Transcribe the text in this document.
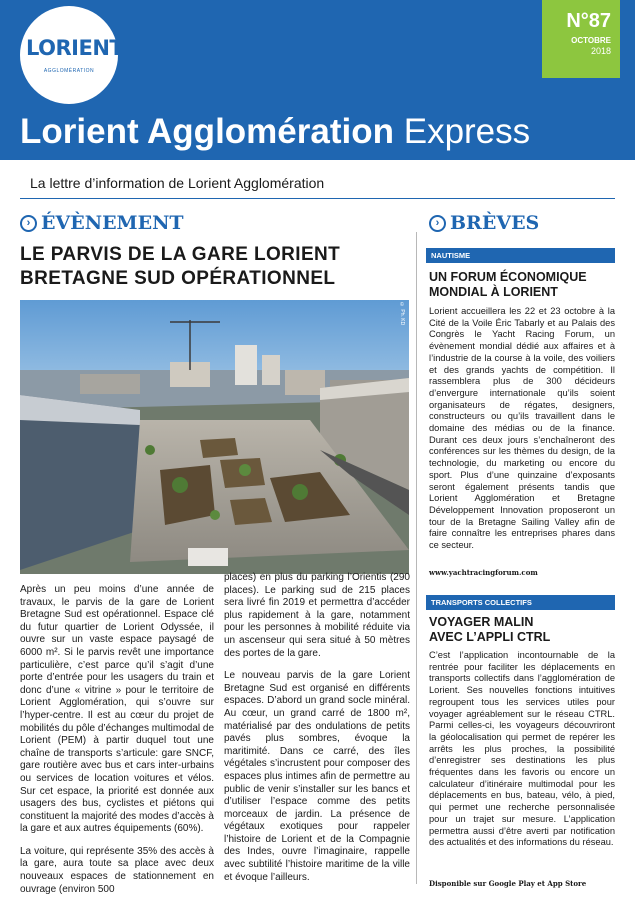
LORIENT
AGGLOMÉRATION
N°87
OCTOBRE
2018
Lorient Agglomération Express
La lettre d’information de Lorient Agglomération
› ÉVÈNEMENT	› BRÈVES
LE PARVIS DE LA GARE LORIENT
BRETAGNE SUD OPÉRATIONNEL
© Ph. KD

Après un peu moins d’une année de travaux, le parvis de la gare de Lorient Bretagne Sud est opérationnel. Espace clé du futur quartier de Lorient Odyssée, il ouvre sur un vaste espace paysagé de 6000 m². Si le parvis revêt une importance particulière, c’est parce qu’il s’agit d’une porte d’entrée pour les usagers du train et donc d’une « vitrine » pour le territoire de Lorient Agglomération, qui s’ouvre sur l’hyper-centre. Il est au cœur du projet de mobilités du pôle d’échanges multimodal de Lorient (PEM) à partir duquel tout une chaîne de transports s’articule: gare SNCF, gare routière avec bus et cars inter-urbains ou services de location voitures et vélos. Sur cet espace, la priorité est donnée aux usagers des bus, cyclistes et piétons qui constituent la majorité des modes d’accès à la gare et aux autres équipements (60%).

La voiture, qui représente 35% des accès à la gare, aura toute sa place avec deux nouveaux espaces de stationnement en ouvrage (environ 500

places) en plus du parking l’Orientis (290 places). Le parking sud de 215 places sera livré fin 2019 et permettra d’accéder plus rapidement à la gare, notamment pour les personnes à mobilité réduite via un ascenseur qui sera situé à 50 mètres des portes de la gare.

Le nouveau parvis de la gare Lorient Bretagne Sud est organisé en différents espaces. D’abord un grand socle minéral. Au cœur, un grand carré de 1800 m², matérialisé par des ondulations de petits pavés plus sombres, évoque la maritimité. Dans ce carré, des îles végétales s’incrustent pour composer des espaces plus intimes afin de permettre au public de venir s’installer sur les bancs et d’utiliser l’espace comme des petits morceaux de jardin. La présence de végétaux exotiques pour rappeler l’histoire de Lorient et de la Compagnie des Indes, ouvre l’imaginaire, rappelle avec subtilité l’histoire maritime de la ville et évoque l’ailleurs.

NAUTISME
UN FORUM ÉCONOMIQUE
MONDIAL À LORIENT
Lorient accueillera les 22 et 23 octobre à la Cité de la Voile Éric Tabarly et au Palais des Congrès le Yacht Racing Forum, un évènement mondial dédié aux affaires et à l’industrie de la course à la voile, des voiliers et des grands yachts de compétition. Il rassemblera plus de 300 décideurs d’envergure internationale qu’ils soient organisateurs de régates, designers, constructeurs ou qu’ils travaillent dans le domaine des médias ou de la finance. Durant ces deux jours s’enchaîneront des conférences sur les thèmes du design, de la technologie, du marketing ou encore du sport. Plus d’une quinzaine d’exposants seront également présents tandis que Lorient Agglomération et Bretagne Développement Innovation proposeront un tour de la Bretagne Sailing Valley afin de faire connaître les entreprises phares dans ce secteur.
www.yachtracingforum.com
TRANSPORTS COLLECTIFS
VOYAGER MALIN
AVEC L’APPLI CTRL
C’est l’application incontournable de la rentrée pour faciliter les déplacements en transports collectifs dans l’agglomération de Lorient. Ses nouvelles fonctions intuitives regroupent tous les services utiles pour voyager agréablement sur le réseau CTRL. Parmi celles-ci, les voyageurs découvriront la géolocalisation qui permet de repérer les arrêts les plus proches, la possibilité d’enregistrer ses destinations les plus fréquentes dans les favoris ou encore un calculateur d’itinéraire multimodal pour les déplacements en bus, bateau, vélo, à pied, qui permet une recherche personnalisée pour un trajet sur mesure. L’application permettra aussi d’être averti par notification des actualités et des informations du réseau.
Disponible sur Google Play et App Store
